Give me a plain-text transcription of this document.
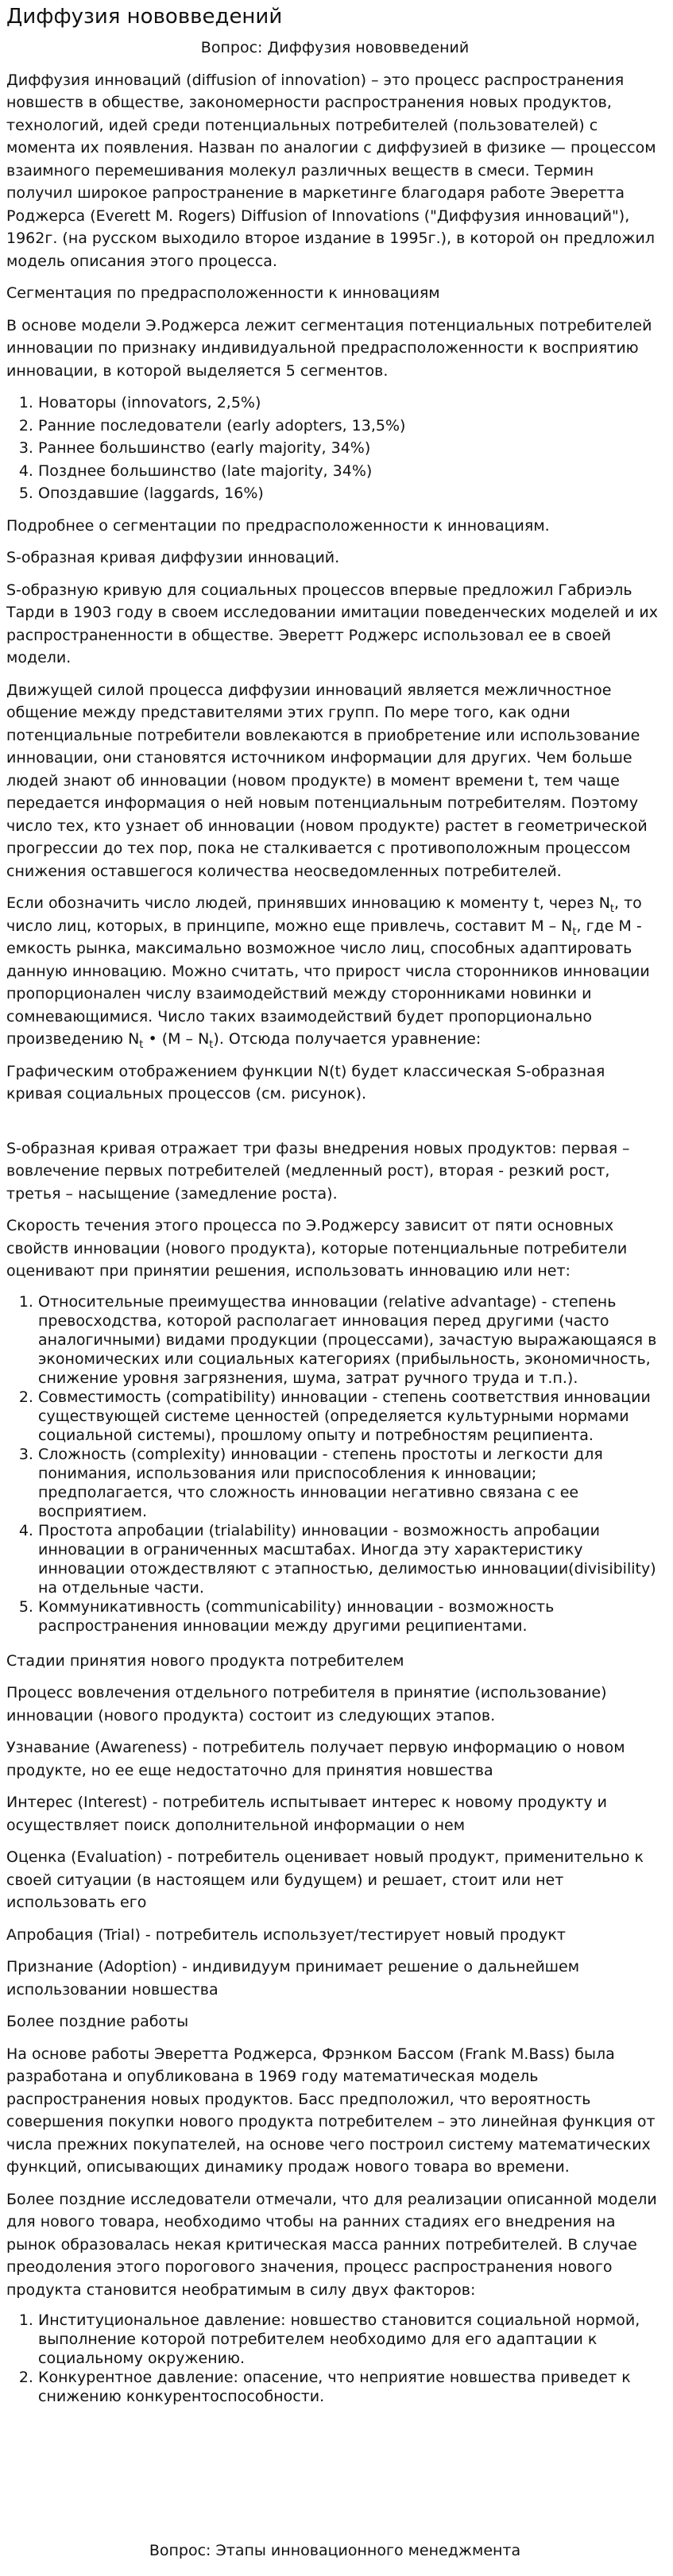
Диффузия нововведений

Вопрос: Диффузия нововведений

Диффузия инноваций (diffusion of innovation) – это процесс распространения новшеств в обществе, закономерности распространения новых продуктов, технологий, идей среди потенциальных потребителей (пользователей) с момента их появления. Назван по аналогии с диффузией в физике — процессом взаимного перемешивания молекул различных веществ в смеси. Термин получил широкое рапространение в маркетинге благодаря работе Эверетта Роджерса (Everett M. Rogers) Diffusion of Innovations ("Диффузия инноваций"), 1962г. (на русском выходило второе издание в 1995г.), в которой он предложил модель описания этого процесса.

Сегментация по предрасположенности к инновациям

В основе модели Э.Роджерса лежит сегментация потенциальных потребителей инновации по признаку индивидуальной предрасположенности к восприятию инновации, в которой выделяется 5 сегментов.

1. Новаторы (innovators, 2,5%)
2. Ранние последователи (early adopters, 13,5%)
3. Раннее большинство (early majority, 34%)
4. Позднее большинство (late majority, 34%)
5. Опоздавшие (laggards, 16%)

Подробнее о сегментации по предрасположенности к инновациям.

S-образная кривая диффузии инноваций.

S-образную кривую для социальных процессов впервые предложил Габриэль Тарди в 1903 году в своем исследовании имитации поведенческих моделей и их распространенности в обществе. Эверетт Роджерс использовал ее в своей модели.

Движущей силой процесса диффузии инноваций является межличностное общение между представителями этих групп. По мере того, как одни потенциальные потребители вовлекаются в приобретение или использование инновации, они становятся источником информации для других. Чем больше людей знают об инновации (новом продукте) в момент времени t, тем чаще передается информация о ней новым потенциальным потребителям. Поэтому число тех, кто узнает об инновации (новом продукте) растет в геометрической прогрессии до тех пор, пока не сталкивается с противоположным процессом снижения оставшегося количества неосведомленных потребителей.

Если обозначить число людей, принявших инновацию к моменту t, через $N_t$, то число лиц, которых, в принципе, можно еще привлечь, составит M – $N_t$, где M - емкость рынка, максимально возможное число лиц, способных адаптировать данную инновацию. Можно считать, что прирост числа сторонников инновации пропорционален числу взаимодействий между сторонниками новинки и сомневающимися. Число таких взаимодействий будет пропорционально произведению $N_t$ • $(M - N_t)$. Отсюда получается уравнение:

Графическим отображением функции N(t) будет классическая S-образная кривая социальных процессов (см. рисунок).

S-образная кривая отражает три фазы внедрения новых продуктов: первая – вовлечение первых потребителей (медленный рост), вторая - резкий рост, третья – насыщение (замедление роста).

Скорость течения этого процесса по Э.Роджерсу зависит от пяти основных свойств инновации (нового продукта), которые потенциальные потребители оценивают при принятии решения, использовать инновацию или нет:

1. Относительные преимущества инновации (relative advantage) - степень превосходства, которой располагает инновация перед другими (часто аналогичными) видами продукции (процессами), зачастую выражающаяся в экономических или социальных категориях (прибыльность, экономичность, снижение уровня загрязнения, шума, затрат ручного труда и т.п.).
2. Совместимость (compatibility) инновации - степень соответствия инновации существующей системе ценностей (определяется культурными нормами социальной системы), прошлому опыту и потребностям реципиента.
3. Сложность (complexity) инновации - степень простоты и легкости для понимания, использования или приспособления к инновации; предполагается, что сложность инновации негативно связана с ее восприятием.
4. Простота апробации (trialability) инновации - возможность апробации инновации в ограниченных масштабах. Иногда эту характеристику инновации отождествляют с этапностью, делимостью инновации(divisibility) на отдельные части.
5. Коммуникативность (communicability) инновации - возможность распространения инновации между другими реципиентами.

Стадии принятия нового продукта потребителем

Процесс вовлечения отдельного потребителя в принятие (использование) инновации (нового продукта) состоит из следующих этапов.

Узнавание (Awareness) - потребитель получает первую информацию о новом продукте, но ее еще недостаточно для принятия новшества

Интерес (Interest) - потребитель испытывает интерес к новому продукту и осуществляет поиск дополнительной информации о нем

Оценка (Evaluation) - потребитель оценивает новый продукт, применительно к своей ситуации (в настоящем или будущем) и решает, стоит или нет использовать его

Апробация (Trial) - потребитель использует/тестирует новый продукт

Признание (Adoption) - индивидуум принимает решение о дальнейшем использовании новшества

Более поздние работы

На основе работы Эверетта Роджерса, Фрэнком Бассом (Frank M.Bass) была разработана и опубликована в 1969 году математическая модель распространения новых продуктов. Басс предположил, что вероятность совершения покупки нового продукта потребителем – это линейная функция от числа прежних покупателей, на основе чего построил систему математических функций, описывающих динамику продаж нового товара во времени.

Более поздние исследователи отмечали, что для реализации описанной модели для нового товара, необходимо чтобы на ранних стадиях его внедрения на рынок образовалась некая критическая масса ранних потребителей. В случае преодоления этого порогового значения, процесс распространения нового продукта становится необратимым в силу двух факторов:

1. Институциональное давление: новшество становится социальной нормой, выполнение которой потребителем необходимо для его адаптации к социальному окружению.
2. Конкурентное давление: опасение, что неприятие новшества приведет к снижению конкурентоспособности.

Вопрос: Этапы инновационного менеджмента
